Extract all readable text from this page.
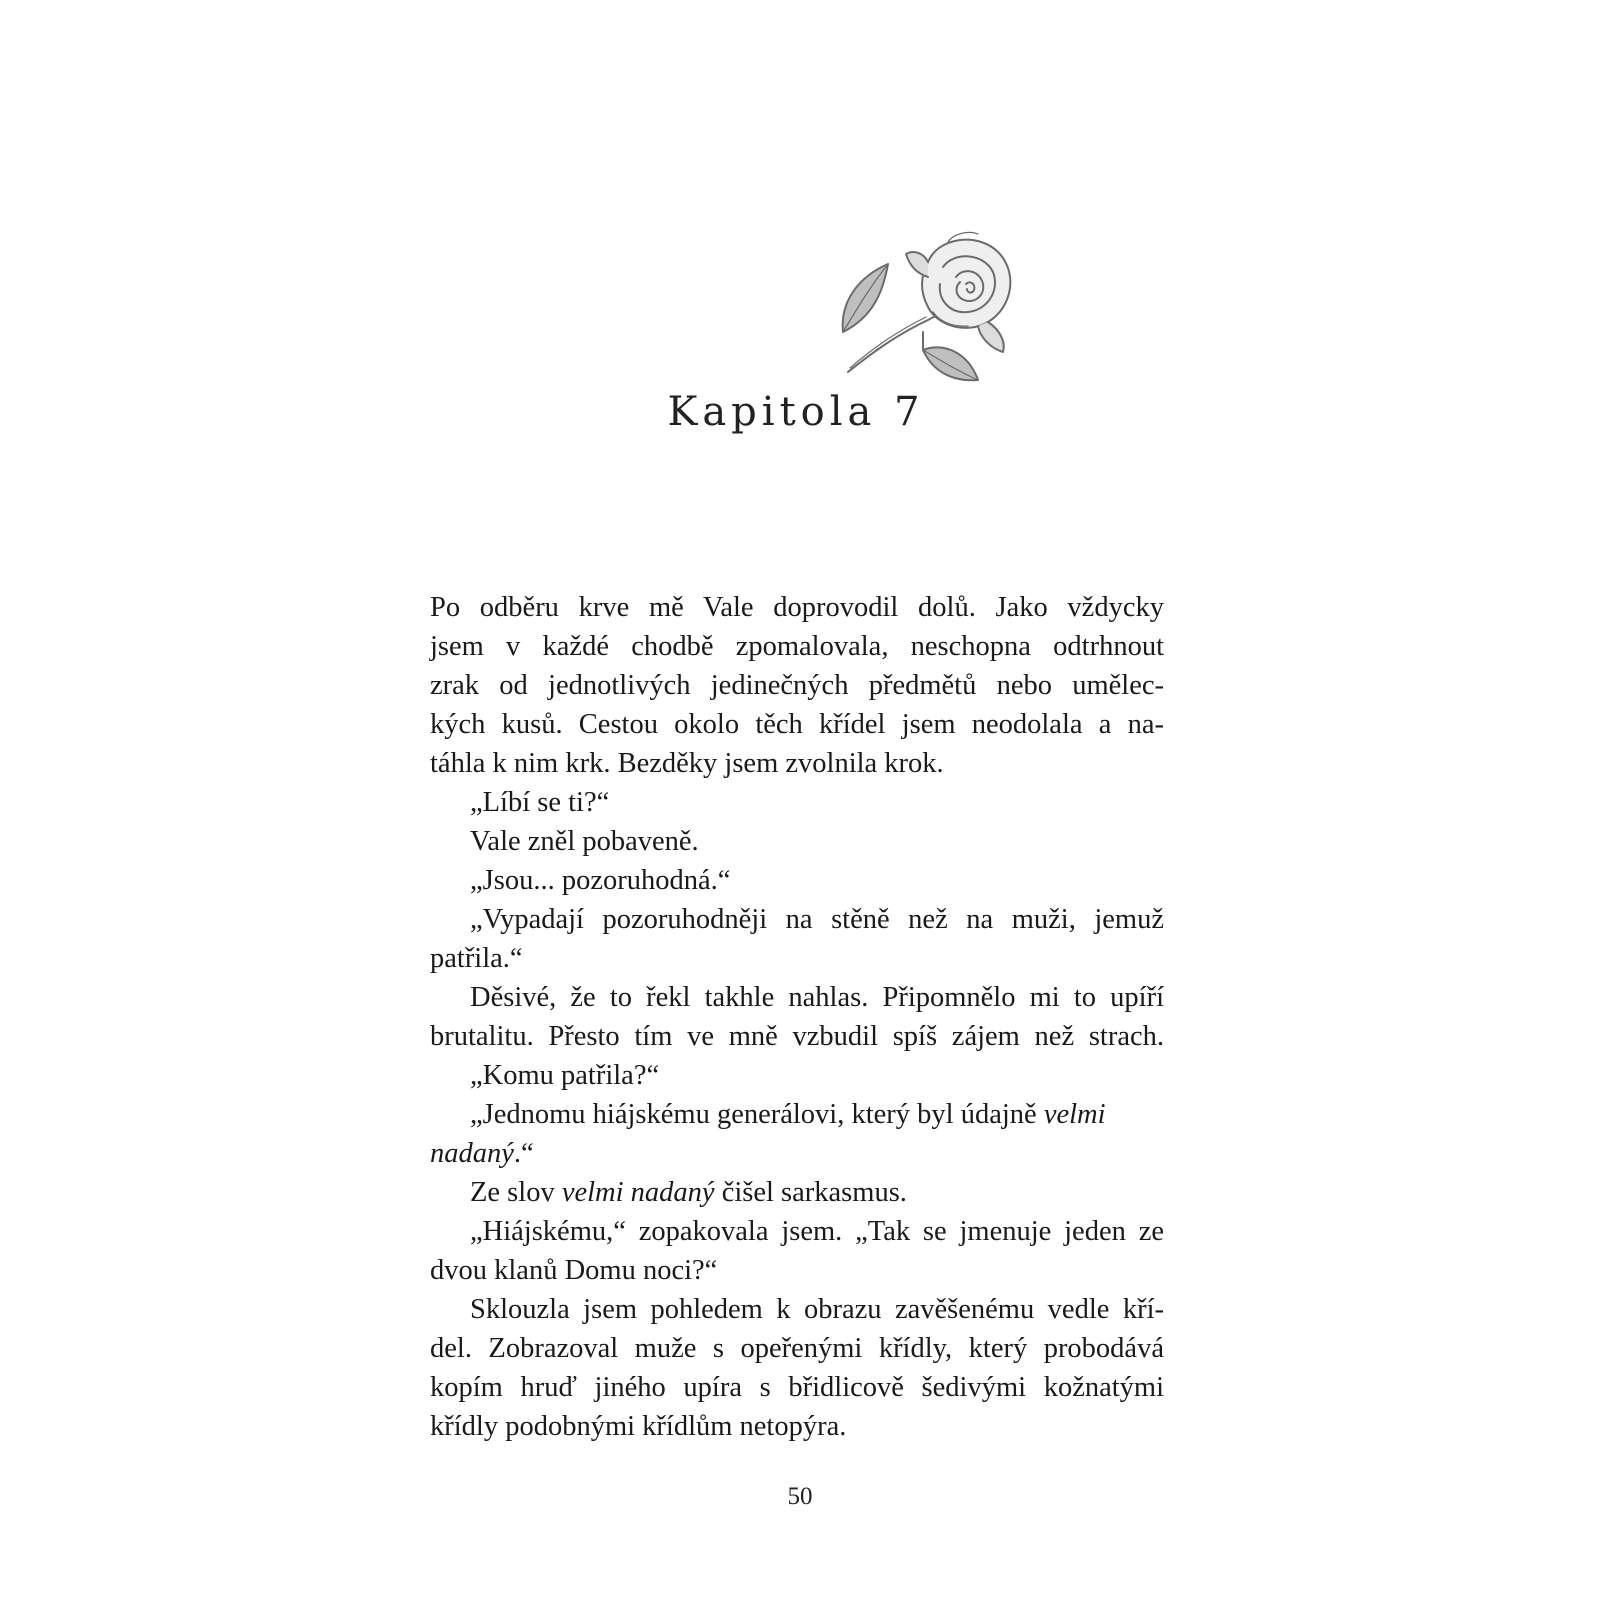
Kapitola 7
Po odběru krve mě Vale doprovodil dolů. Jako vždycky
jsem v každé chodbě zpomalovala, neschopna odtrhnout
zrak od jednotlivých jedinečných předmětů nebo umělec-
kých kusů. Cestou okolo těch křídel jsem neodolala a na-
táhla k nim krk. Bezděky jsem zvolnila krok.
„Líbí se ti?“
Vale zněl pobaveně.
„Jsou... pozoruhodná.“
„Vypadají pozoruhodněji na stěně než na muži, jemuž
patřila.“
Děsivé, že to řekl takhle nahlas. Připomnělo mi to upíří
brutalitu. Přesto tím ve mně vzbudil spíš zájem než strach.
„Komu patřila?“
„Jednomu hiájskému generálovi, který byl údajně velmi
nadaný.“
Ze slov velmi nadaný čišel sarkasmus.
„Hiájskému,“ zopakovala jsem. „Tak se jmenuje jeden ze
dvou klanů Domu noci?“
Sklouzla jsem pohledem k obrazu zavěšenému vedle kří-
del. Zobrazoval muže s opeřenými křídly, který probodává
kopím hruď jiného upíra s břidlicově šedivými kožnatými
křídly podobnými křídlům netopýra.
50
